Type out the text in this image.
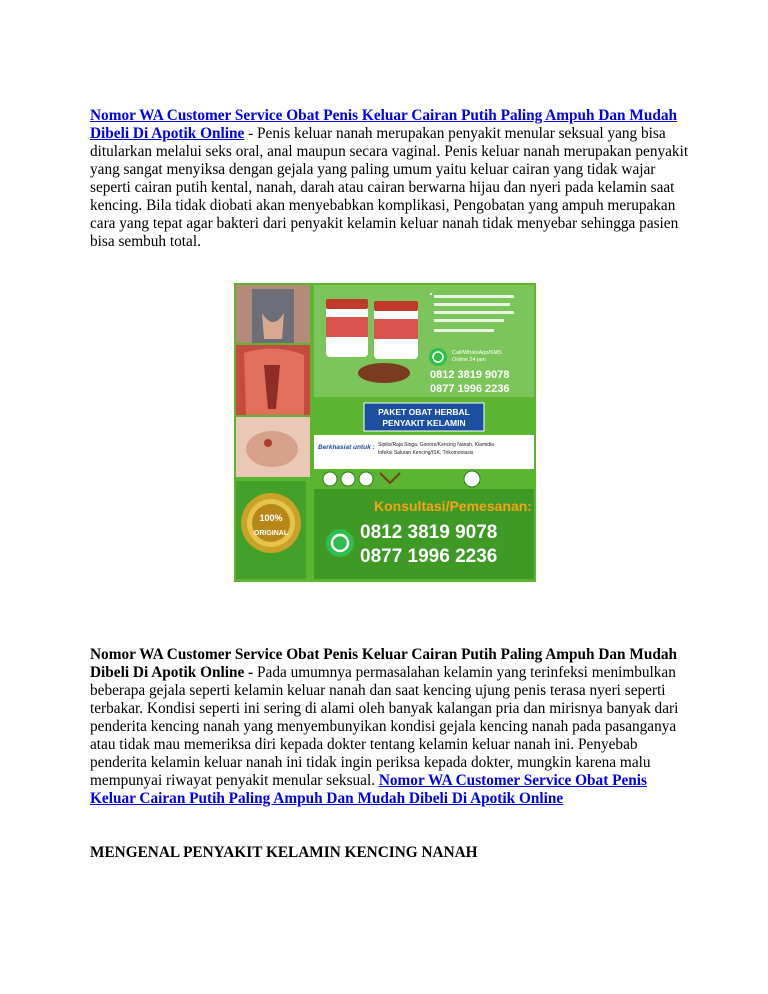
Nomor WA Customer Service Obat Penis Keluar Cairan Putih Paling Ampuh Dan Mudah Dibeli Di Apotik Online - Penis keluar nanah merupakan penyakit menular seksual yang bisa ditularkan melalui seks oral, anal maupun secara vaginal. Penis keluar nanah merupakan penyakit yang sangat menyiksa dengan gejala yang paling umum yaitu keluar cairan yang tidak wajar seperti cairan putih kental, nanah, darah atau cairan berwarna hijau dan nyeri pada kelamin saat kencing. Bila tidak diobati akan menyebabkan komplikasi, Pengobatan yang ampuh merupakan cara yang tepat agar bakteri dari penyakit kelamin keluar nanah tidak menyebar sehingga pasien bisa sembuh total.

100%
ORIGINAL
Call/WhatsApp/SMS
Online 24 jam
0812 3819 9078
0877 1996 2236
PAKET OBAT HERBAL
PENYAKIT KELAMIN
Berkhasiat untuk : Sipilis/Raja Singa, Gonore/Kencing Nanah, Klamidia
Infeksi Saluran Kencing/ISK, Trikomoniasis
Konsultasi/Pemesanan:
0812 3819 9078
0877 1996 2236

Nomor WA Customer Service Obat Penis Keluar Cairan Putih Paling Ampuh Dan Mudah Dibeli Di Apotik Online - Pada umumnya permasalahan kelamin yang terinfeksi menimbulkan beberapa gejala seperti kelamin keluar nanah dan saat kencing ujung penis terasa nyeri seperti terbakar. Kondisi seperti ini sering di alami oleh banyak kalangan pria dan mirisnya banyak dari penderita kencing nanah yang menyembunyikan kondisi gejala kencing nanah pada pasanganya atau tidak mau memeriksa diri kepada dokter tentang kelamin keluar nanah ini. Penyebab penderita kelamin keluar nanah ini tidak ingin periksa kepada dokter, mungkin karena malu mempunyai riwayat penyakit menular seksual. Nomor WA Customer Service Obat Penis Keluar Cairan Putih Paling Ampuh Dan Mudah Dibeli Di Apotik Online

MENGENAL PENYAKIT KELAMIN KENCING NANAH
